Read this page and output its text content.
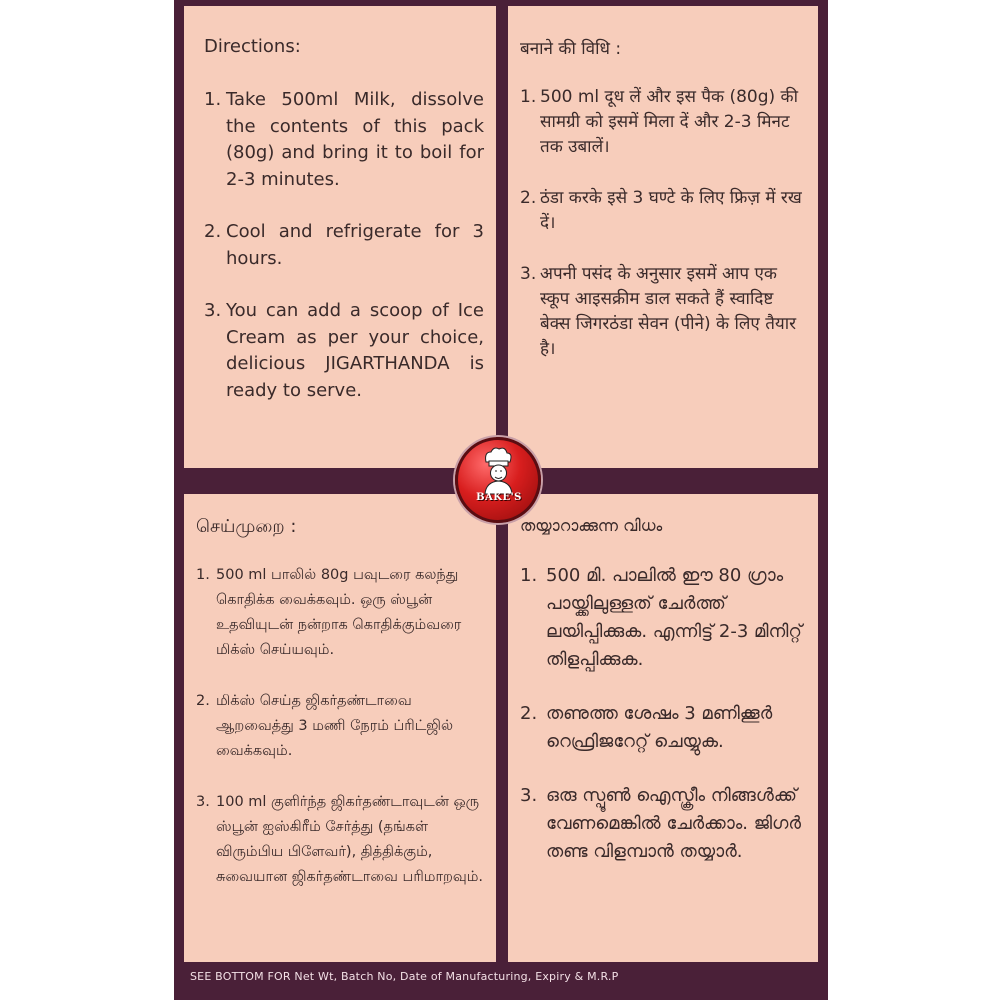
Directions:
1. Take 500ml Milk, dissolve the contents of this pack (80g) and bring it to boil for 2-3 minutes.
2. Cool and refrigerate for 3 hours.
3. You can add a scoop of Ice Cream as per your choice, delicious JIGARTHANDA is ready to serve.
बनाने की विधि :
1. 500 ml दूध लें और इस पैक (80g) की सामग्री को इसमें मिला दें और 2-3 मिनट तक उबालें।
2. ठंडा करके इसे 3 घण्टे के लिए फ्रिज़ में रख दें।
3. अपनी पसंद के अनुसार इसमें आप एक स्कूप आइसक्रीम डाल सकते हैं स्वादिष्ट बेक्स जिगरठंडा सेवन (पीने) के लिए तैयार है।
செய்முறை :
1. 500 ml பாலில் 80g பவுடரை கலந்து கொதிக்க வைக்கவும். ஒரு ஸ்பூன் உதவியுடன் நன்றாக கொதிக்கும்வரை மிக்ஸ் செய்யவும்.
2. மிக்ஸ் செய்த ஜிகர்தண்டாவை ஆறவைத்து 3 மணி நேரம் ப்ரிட்ஜில் வைக்கவும்.
3. 100 ml குளிர்ந்த ஜிகர்தண்டாவுடன் ஒரு ஸ்பூன் ஐஸ்கிரீம் சேர்த்து (தங்கள் விரும்பிய பிளேவர்), தித்திக்கும், சுவையான ஜிகர்தண்டாவை பரிமாறவும்.
തയ്യാറാക്കുന്ന വിധം
1. 500 മി. പാലിൽ ഈ 80 ഗ്രാം പായ്ക്കിലുള്ളത് ചേർത്ത് ലയിപ്പിക്കുക. എന്നിട്ട് 2-3 മിനിറ്റ് തിളപ്പിക്കുക.
2. തണുത്ത ശേഷം 3 മണിക്കൂർ റെഫ്രിജറേറ്റ് ചെയ്യുക.
3. ഒരു സ്പൂൺ ഐസ്ക്രീം നിങ്ങൾക്ക് വേണമെങ്കിൽ ചേർക്കാം. ജിഗർ തണ്ട വിളമ്പാൻ തയ്യാർ.
BAKE'S
SEE BOTTOM FOR Net Wt, Batch No, Date of Manufacturing, Expiry & M.R.P
